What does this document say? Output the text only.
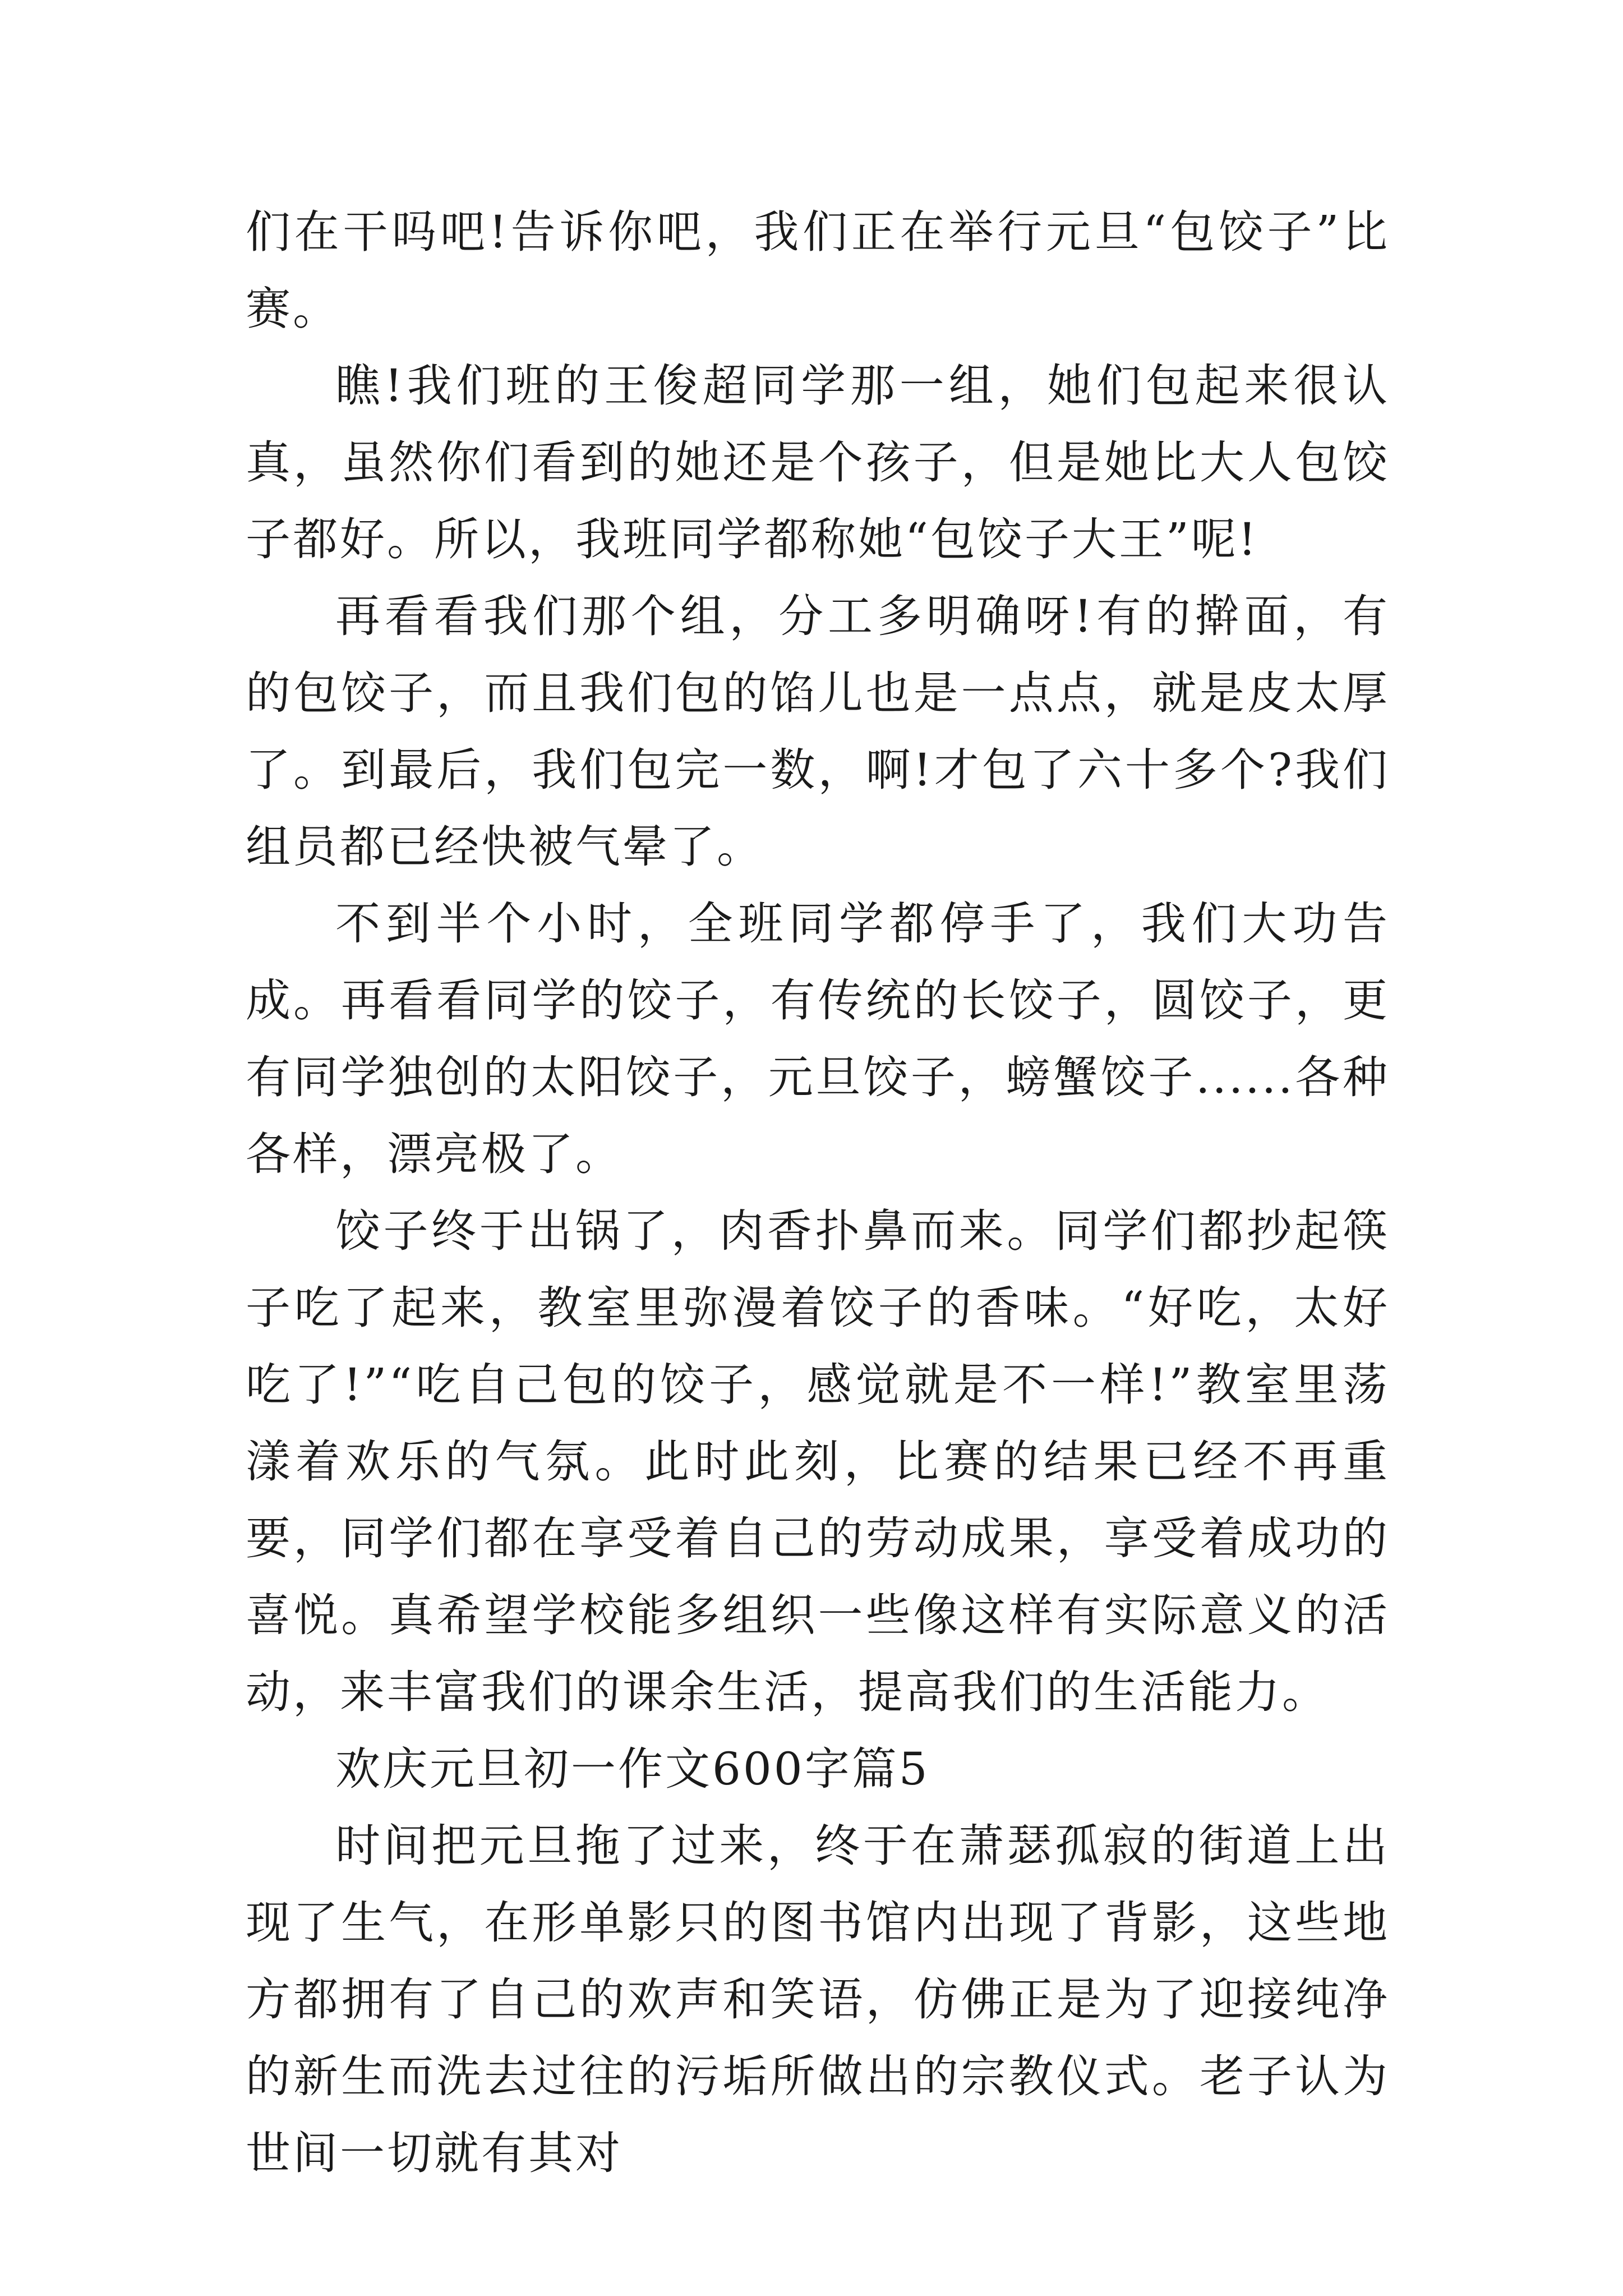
们在干吗吧!告诉你吧，我们正在举行元旦“包饺子”比赛。

瞧!我们班的王俊超同学那一组，她们包起来很认真，虽然你们看到的她还是个孩子，但是她比大人包饺子都好。所以，我班同学都称她“包饺子大王”呢!

再看看我们那个组，分工多明确呀!有的擀面，有的包饺子，而且我们包的馅儿也是一点点，就是皮太厚了。到最后，我们包完一数，啊!才包了六十多个?我们组员都已经快被气晕了。

不到半个小时，全班同学都停手了，我们大功告成。再看看同学的饺子，有传统的长饺子，圆饺子，更有同学独创的太阳饺子，元旦饺子，螃蟹饺子......各种各样，漂亮极了。

饺子终于出锅了，肉香扑鼻而来。同学们都抄起筷子吃了起来，教室里弥漫着饺子的香味。“好吃，太好吃了!”“吃自己包的饺子，感觉就是不一样!”教室里荡漾着欢乐的气氛。此时此刻，比赛的结果已经不再重要，同学们都在享受着自己的劳动成果，享受着成功的喜悦。真希望学校能多组织一些像这样有实际意义的活动，来丰富我们的课余生活，提高我们的生活能力。

欢庆元旦初一作文600字篇5

时间把元旦拖了过来，终于在萧瑟孤寂的街道上出现了生气，在形单影只的图书馆内出现了背影，这些地方都拥有了自己的欢声和笑语，仿佛正是为了迎接纯净的新生而洗去过往的污垢所做出的宗教仪式。老子认为世间一切就有其对
